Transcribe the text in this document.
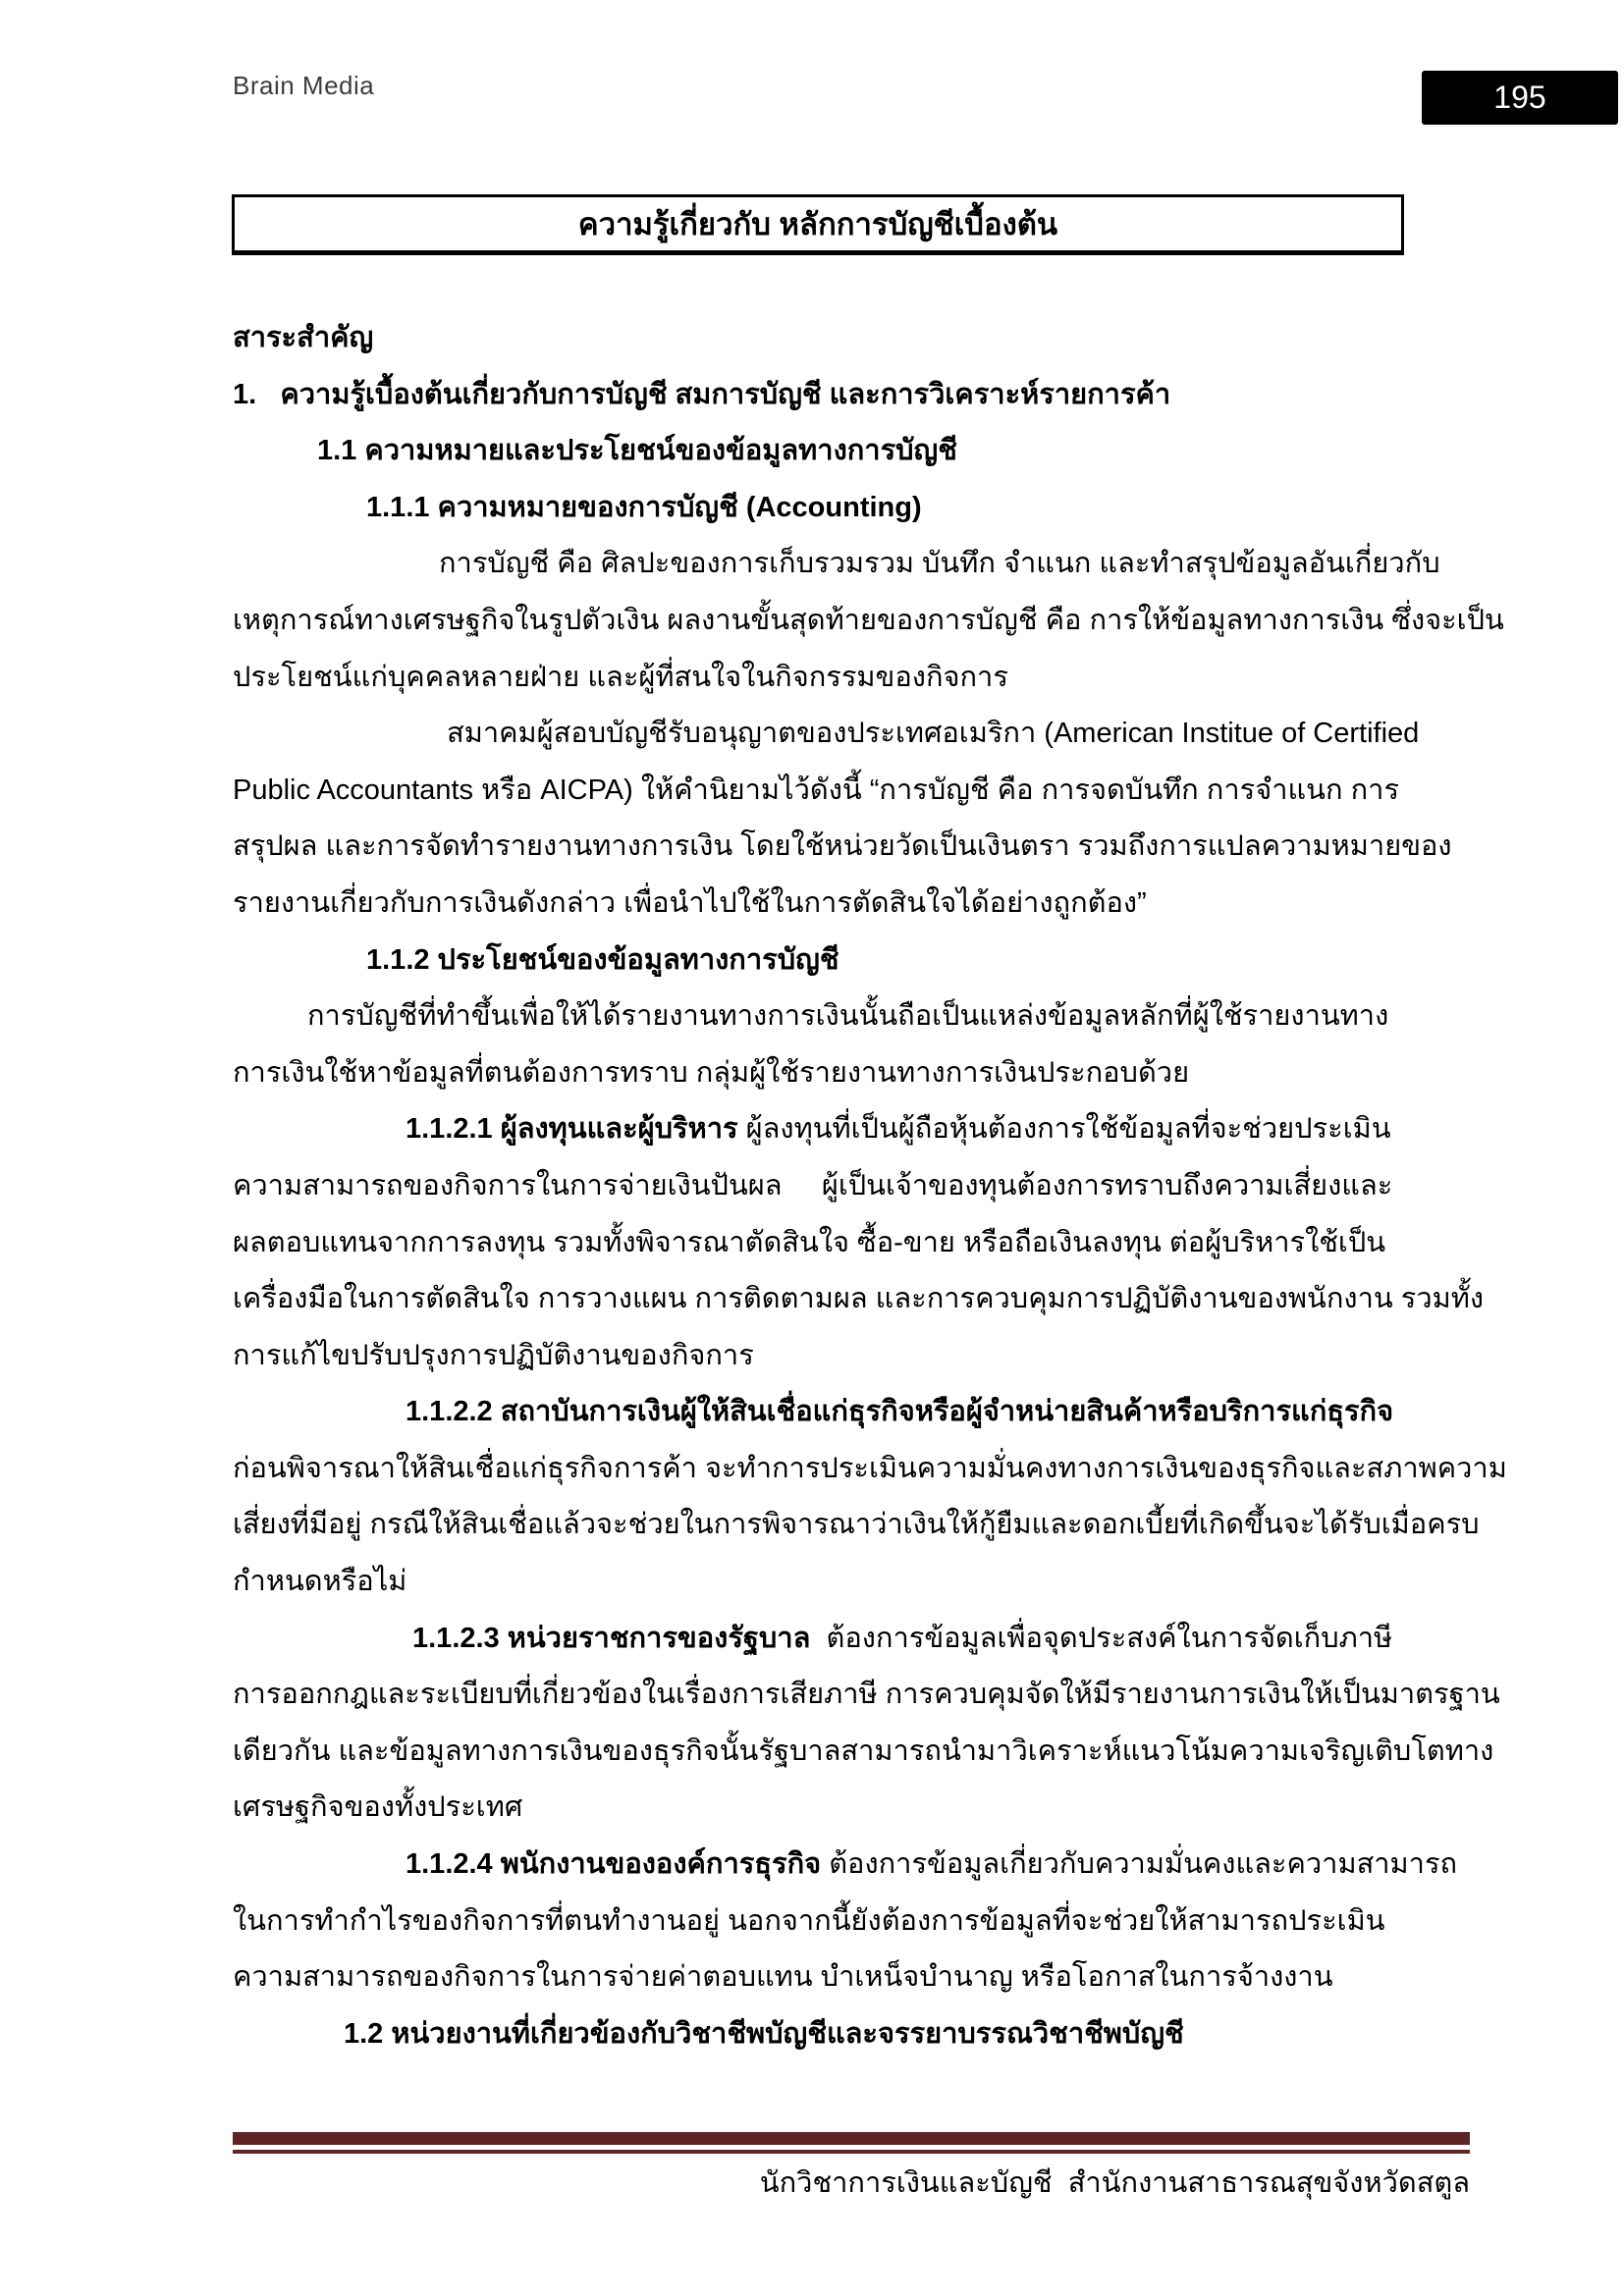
Brain Media	195
ความรู้เกี่ยวกับ หลักการบัญชีเบื้องต้น
สาระสำคัญ
1.   ความรู้เบื้องต้นเกี่ยวกับการบัญชี สมการบัญชี และการวิเคราะห์รายการค้า
1.1 ความหมายและประโยชน์ของข้อมูลทางการบัญชี
1.1.1 ความหมายของการบัญชี (Accounting)
การบัญชี คือ ศิลปะของการเก็บรวมรวม บันทึก จำแนก และทำสรุปข้อมูลอันเกี่ยวกับ
เหตุการณ์ทางเศรษฐกิจในรูปตัวเงิน ผลงานขั้นสุดท้ายของการบัญชี คือ การให้ข้อมูลทางการเงิน ซึ่งจะเป็น
ประโยชน์แก่บุคคลหลายฝ่าย และผู้ที่สนใจในกิจกรรมของกิจการ
สมาคมผู้สอบบัญชีรับอนุญาตของประเทศอเมริกา (American Institue of Certified
Public Accountants หรือ AICPA) ให้คำนิยามไว้ดังนี้ “การบัญชี คือ การจดบันทึก การจำแนก การ
สรุปผล และการจัดทำรายงานทางการเงิน โดยใช้หน่วยวัดเป็นเงินตรา รวมถึงการแปลความหมายของ
รายงานเกี่ยวกับการเงินดังกล่าว เพื่อนำไปใช้ในการตัดสินใจได้อย่างถูกต้อง”
1.1.2 ประโยชน์ของข้อมูลทางการบัญชี
การบัญชีที่ทำขึ้นเพื่อให้ได้รายงานทางการเงินนั้นถือเป็นแหล่งข้อมูลหลักที่ผู้ใช้รายงานทาง
การเงินใช้หาข้อมูลที่ตนต้องการทราบ กลุ่มผู้ใช้รายงานทางการเงินประกอบด้วย
1.1.2.1 ผู้ลงทุนและผู้บริหาร ผู้ลงทุนที่เป็นผู้ถือหุ้นต้องการใช้ข้อมูลที่จะช่วยประเมิน
ความสามารถของกิจการในการจ่ายเงินปันผล     ผู้เป็นเจ้าของทุนต้องการทราบถึงความเสี่ยงและ
ผลตอบแทนจากการลงทุน รวมทั้งพิจารณาตัดสินใจ ซื้อ-ขาย หรือถือเงินลงทุน ต่อผู้บริหารใช้เป็น
เครื่องมือในการตัดสินใจ การวางแผน การติดตามผล และการควบคุมการปฏิบัติงานของพนักงาน รวมทั้ง
การแก้ไขปรับปรุงการปฏิบัติงานของกิจการ
1.1.2.2 สถาบันการเงินผู้ให้สินเชื่อแก่ธุรกิจหรือผู้จำหน่ายสินค้าหรือบริการแก่ธุรกิจ
ก่อนพิจารณาให้สินเชื่อแก่ธุรกิจการค้า จะทำการประเมินความมั่นคงทางการเงินของธุรกิจและสภาพความ
เสี่ยงที่มีอยู่ กรณีให้สินเชื่อแล้วจะช่วยในการพิจารณาว่าเงินให้กู้ยืมและดอกเบี้ยที่เกิดขึ้นจะได้รับเมื่อครบ
กำหนดหรือไม่
1.1.2.3 หน่วยราชการของรัฐบาล  ต้องการข้อมูลเพื่อจุดประสงค์ในการจัดเก็บภาษี
การออกกฎและระเบียบที่เกี่ยวข้องในเรื่องการเสียภาษี การควบคุมจัดให้มีรายงานการเงินให้เป็นมาตรฐาน
เดียวกัน และข้อมูลทางการเงินของธุรกิจนั้นรัฐบาลสามารถนำมาวิเคราะห์แนวโน้มความเจริญเติบโตทาง
เศรษฐกิจของทั้งประเทศ
1.1.2.4 พนักงานขององค์การธุรกิจ ต้องการข้อมูลเกี่ยวกับความมั่นคงและความสามารถ
ในการทำกำไรของกิจการที่ตนทำงานอยู่ นอกจากนี้ยังต้องการข้อมูลที่จะช่วยให้สามารถประเมิน
ความสามารถของกิจการในการจ่ายค่าตอบแทน บำเหน็จบำนาญ หรือโอกาสในการจ้างงาน
1.2 หน่วยงานที่เกี่ยวข้องกับวิชาชีพบัญชีและจรรยาบรรณวิชาชีพบัญชี
นักวิชาการเงินและบัญชี  สำนักงานสาธารณสุขจังหวัดสตูล
